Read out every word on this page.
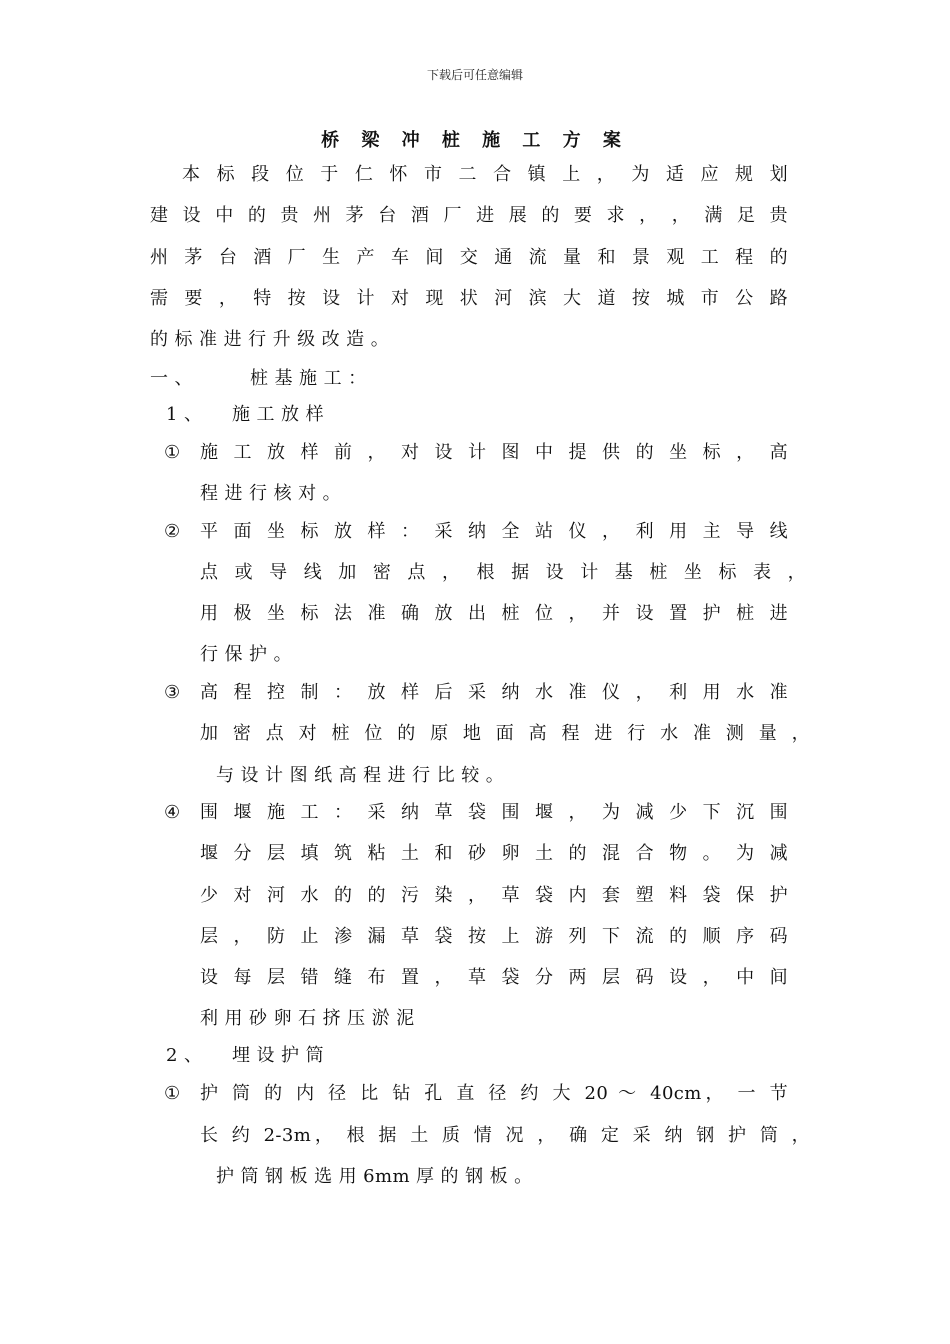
下载后可任意编辑
桥 梁 冲 桩 施 工 方 案
本 标 段 位 于 仁 怀 市 二 合 镇 上 ， 为 适 应 规 划
建 设 中 的 贵 州 茅 台 酒 厂 进 展 的 要 求 ， ， 满 足 贵
州 茅 台 酒 厂 生 产 车 间 交 通 流 量 和 景 观 工 程 的
需 要 ， 特 按 设 计 对 现 状 河 滨 大 道 按 城 市 公 路
的 标 准 进 行 升 级 改 造 。
一 、	桩 基 施 工 ：
1 、 施 工 放 样
① 施 工 放 样 前 ， 对 设 计 图 中 提 供 的 坐 标 ， 高
程 进 行 核 对 。
② 平 面 坐 标 放 样 ： 采 纳 全 站 仪 ， 利 用 主 导 线
点 或 导 线 加 密 点 ， 根 据 设 计 基 桩 坐 标 表 ，
用 极 坐 标 法 准 确 放 出 桩 位 ， 并 设 置 护 桩 进
行 保 护 。
③ 高 程 控 制 ： 放 样 后 采 纳 水 准 仪 ， 利 用 水 准
加 密 点 对 桩 位 的 原 地 面 高 程 进 行 水 准 测 量 ，
与 设 计 图 纸 高 程 进 行 比 较 。
④ 围 堰 施 工 ： 采 纳 草 袋 围 堰 ， 为 减 少 下 沉 围
堰 分 层 填 筑 粘 土 和 砂 卵 土 的 混 合 物 。 为 减
少 对 河 水 的 的 污 染 ， 草 袋 内 套 塑 料 袋 保 护
层 ， 防 止 渗 漏 草 袋 按 上 游 列 下 流 的 顺 序 码
设 每 层 错 缝 布 置 ， 草 袋 分 两 层 码 设 ， 中 间
利 用 砂 卵 石 挤 压 淤 泥
2 、 埋 设 护 筒
① 护 筒 的 内 径 比 钻 孔 直 径 约 大 20 ～ 40cm， 一 节
长 约 2-3m， 根 据 土 质 情 况 ， 确 定 采 纳 钢 护 筒 ，
护 筒 钢 板 选 用 6mm 厚 的 钢 板 。
